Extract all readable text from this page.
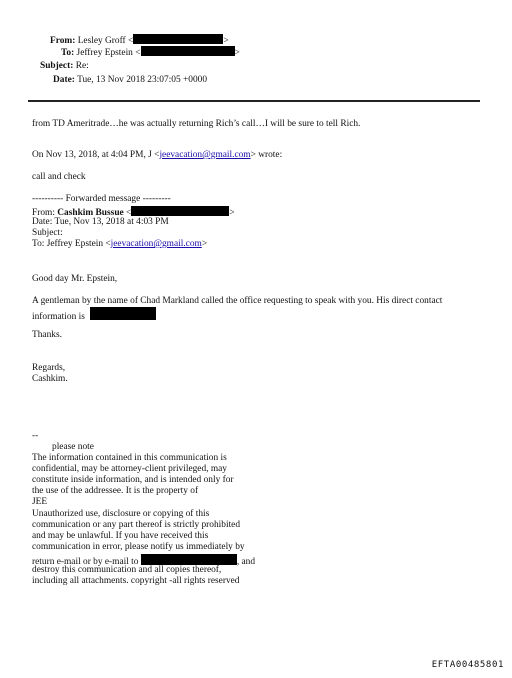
From: Lesley Groff <	>
To: Jeffrey Epstein <	>
Subject: Re:
Date: Tue, 13 Nov 2018 23:07:05 +0000
from TD Ameritrade…he was actually returning Rich’s call…I will be sure to tell Rich.
On Nov 13, 2018, at 4:04 PM, J <jeevacation@gmail.com> wrote:
call and check
---------- Forwarded message ---------
From: Cashkim Bussue <	>
Date: Tue, Nov 13, 2018 at 4:03 PM
Subject:
To: Jeffrey Epstein <jeevacation@gmail.com>
Good day Mr. Epstein,
A gentleman by the name of Chad Markland called the office requesting to speak with you. His direct contact
information is
Thanks.
Regards,
Cashkim.
--
please note
The information contained in this communication is
confidential, may be attorney-client privileged, may
constitute inside information, and is intended only for
the use of the addressee. It is the property of
JEE
Unauthorized use, disclosure or copying of this
communication or any part thereof is strictly prohibited
and may be unlawful. If you have received this
communication in error, please notify us immediately by
return e-mail or by e-mail to	, and
destroy this communication and all copies thereof,
including all attachments. copyright -all rights reserved
EFTA00485801
